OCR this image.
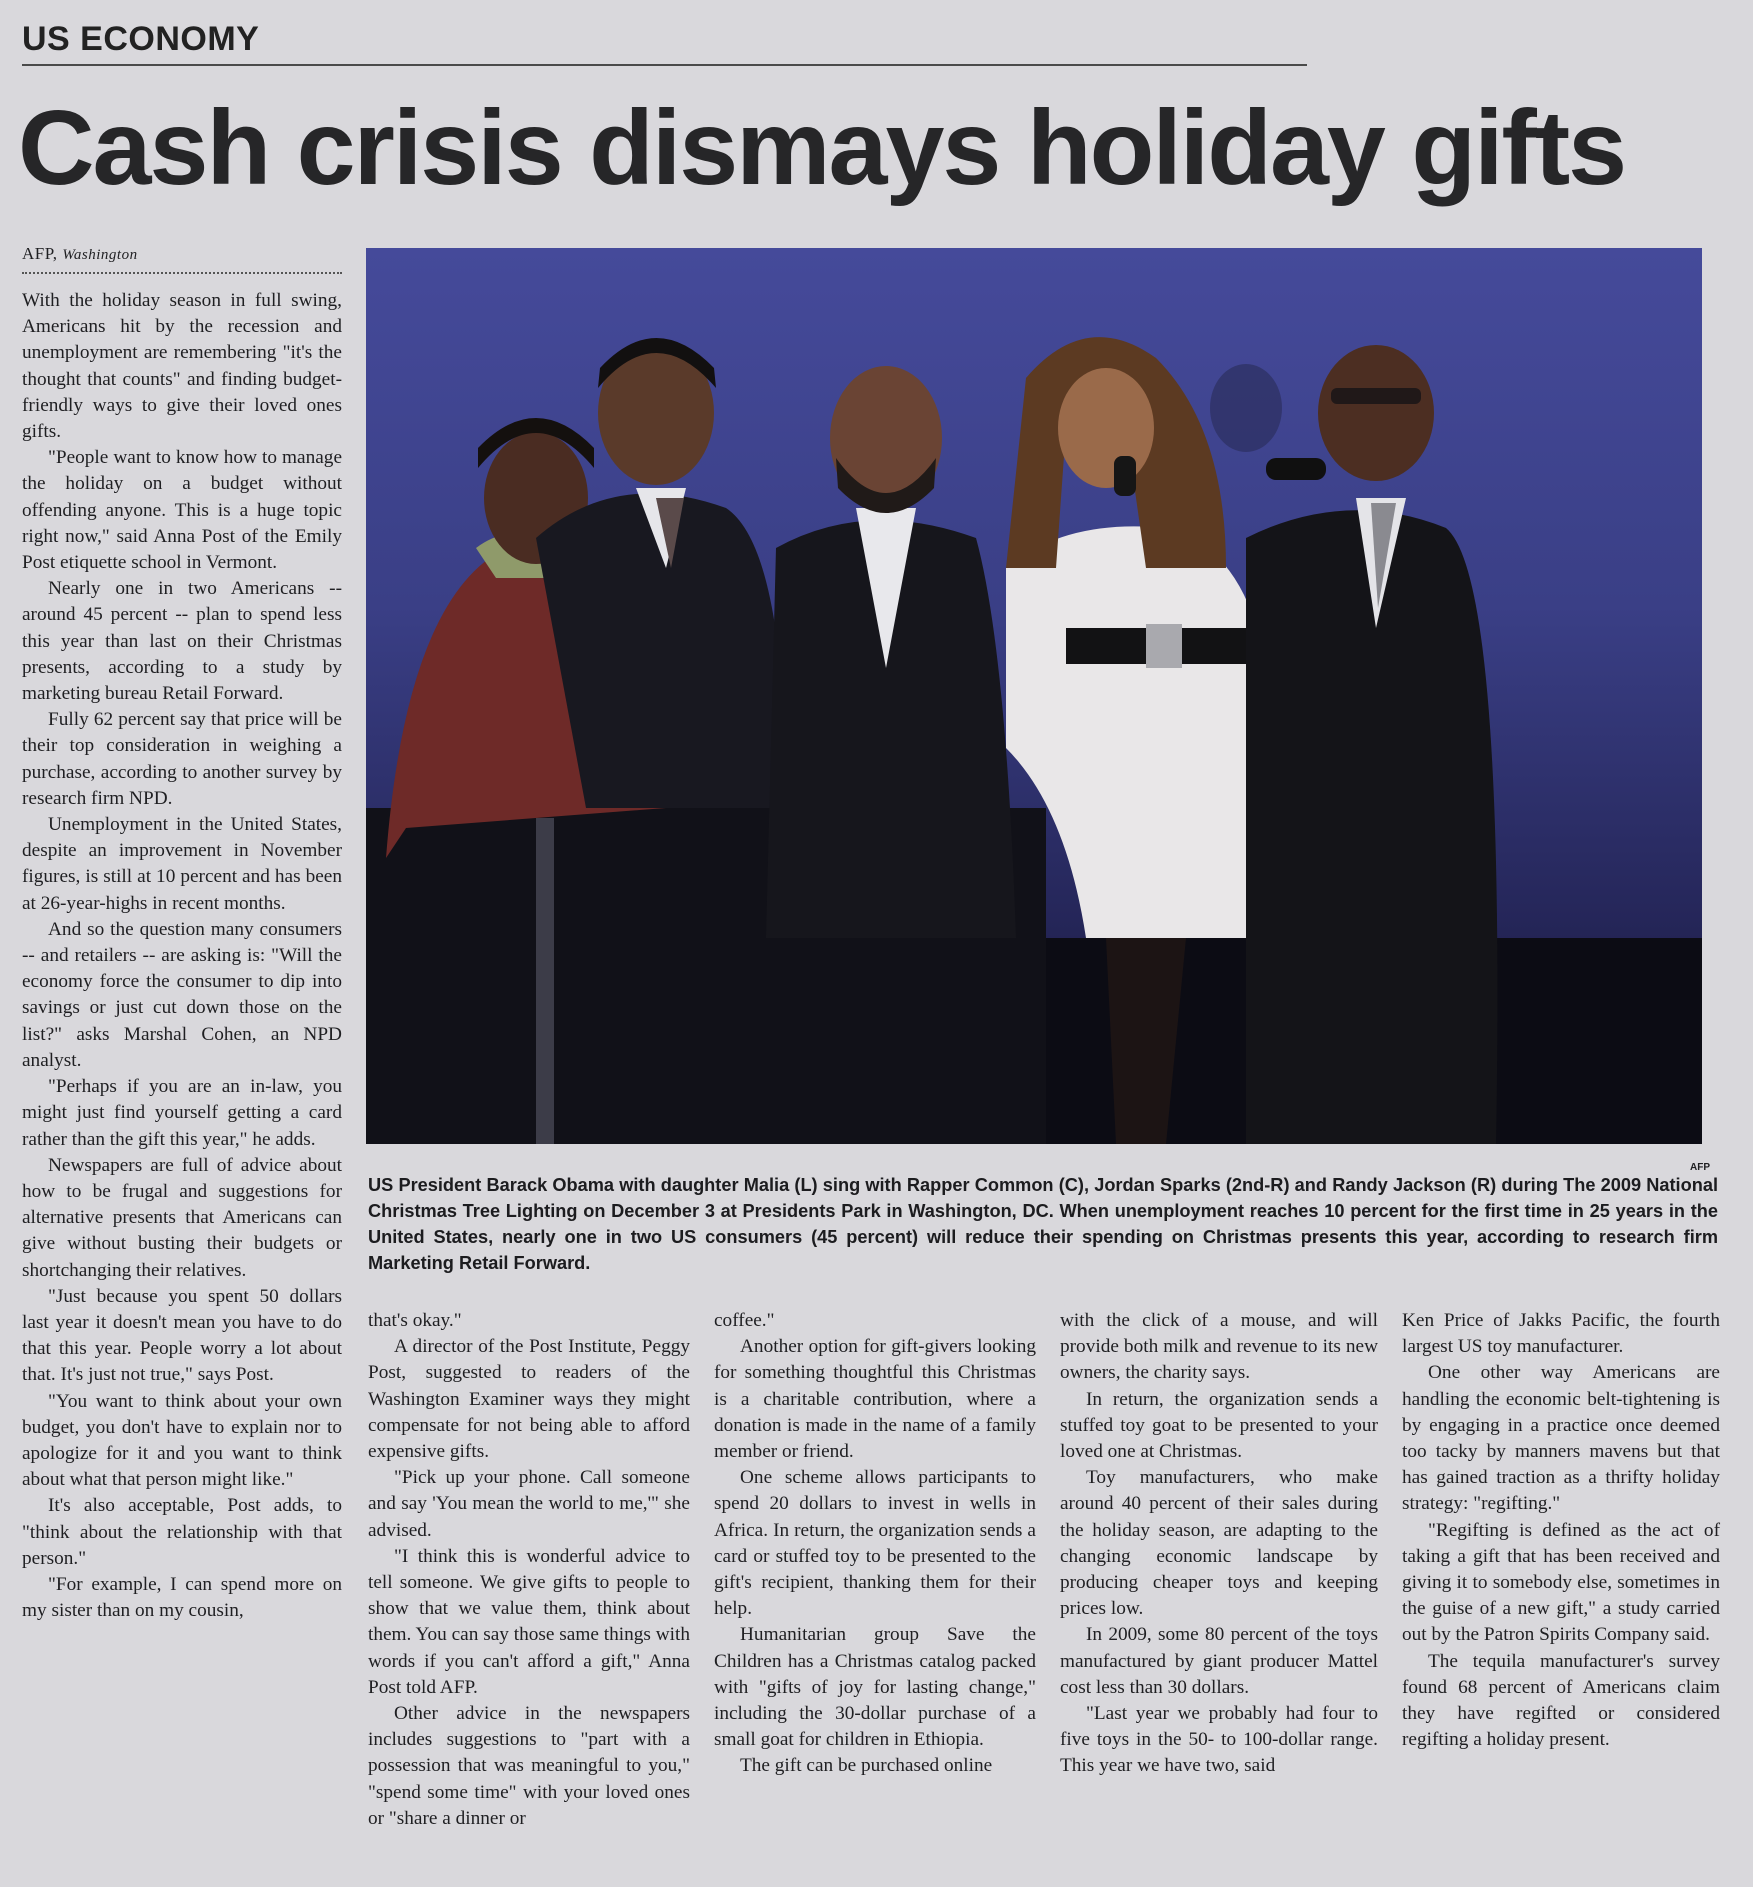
US ECONOMY
Cash crisis dismays holiday gifts
AFP, Washington

With the holiday season in full swing, Americans hit by the recession and unemployment are remembering "it's the thought that counts" and finding budget-friendly ways to give their loved ones gifts.

"People want to know how to manage the holiday on a budget without offending anyone. This is a huge topic right now," said Anna Post of the Emily Post etiquette school in Vermont.

Nearly one in two Americans -- around 45 percent -- plan to spend less this year than last on their Christmas presents, according to a study by marketing bureau Retail Forward.

Fully 62 percent say that price will be their top consideration in weighing a purchase, according to another survey by research firm NPD.

Unemployment in the United States, despite an improvement in November figures, is still at 10 percent and has been at 26-year-highs in recent months.

And so the question many consumers -- and retailers -- are asking is: "Will the economy force the consumer to dip into savings or just cut down those on the list?" asks Marshal Cohen, an NPD analyst.

"Perhaps if you are an in-law, you might just find yourself getting a card rather than the gift this year," he adds.

Newspapers are full of advice about how to be frugal and suggestions for alternative presents that Americans can give without busting their budgets or shortchanging their relatives.

"Just because you spent 50 dollars last year it doesn't mean you have to do that this year. People worry a lot about that. It's just not true," says Post.

"You want to think about your own budget, you don't have to explain nor to apologize for it and you want to think about what that person might like."

It's also acceptable, Post adds, to "think about the relationship with that person."

"For example, I can spend more on my sister than on my cousin,

AFP
US President Barack Obama with daughter Malia (L) sing with Rapper Common (C), Jordan Sparks (2nd-R) and Randy Jackson (R) during The 2009 National Christmas Tree Lighting on December 3 at Presidents Park in Washington, DC. When unemployment reaches 10 percent for the first time in 25 years in the United States, nearly one in two US consumers (45 percent) will reduce their spending on Christmas presents this year, according to research firm Marketing Retail Forward.

that's okay."

A director of the Post Institute, Peggy Post, suggested to readers of the Washington Examiner ways they might compensate for not being able to afford expensive gifts.

"Pick up your phone. Call someone and say 'You mean the world to me,'" she advised.

"I think this is wonderful advice to tell someone. We give gifts to people to show that we value them, think about them. You can say those same things with words if you can't afford a gift," Anna Post told AFP.

Other advice in the newspapers includes suggestions to "part with a possession that was meaningful to you," "spend some time" with your loved ones or "share a dinner or

coffee."

Another option for gift-givers looking for something thoughtful this Christmas is a charitable contribution, where a donation is made in the name of a family member or friend.

One scheme allows participants to spend 20 dollars to invest in wells in Africa. In return, the organization sends a card or stuffed toy to be presented to the gift's recipient, thanking them for their help.

Humanitarian group Save the Children has a Christmas catalog packed with "gifts of joy for lasting change," including the 30-dollar purchase of a small goat for children in Ethiopia.

The gift can be purchased online

with the click of a mouse, and will provide both milk and revenue to its new owners, the charity says.

In return, the organization sends a stuffed toy goat to be presented to your loved one at Christmas.

Toy manufacturers, who make around 40 percent of their sales during the holiday season, are adapting to the changing economic landscape by producing cheaper toys and keeping prices low.

In 2009, some 80 percent of the toys manufactured by giant producer Mattel cost less than 30 dollars.

"Last year we probably had four to five toys in the 50- to 100-dollar range. This year we have two, said

Ken Price of Jakks Pacific, the fourth largest US toy manufacturer.

One other way Americans are handling the economic belt-tightening is by engaging in a practice once deemed too tacky by manners mavens but that has gained traction as a thrifty holiday strategy: "regifting."

"Regifting is defined as the act of taking a gift that has been received and giving it to somebody else, sometimes in the guise of a new gift," a study carried out by the Patron Spirits Company said.

The tequila manufacturer's survey found 68 percent of Americans claim they have regifted or considered regifting a holiday present.
